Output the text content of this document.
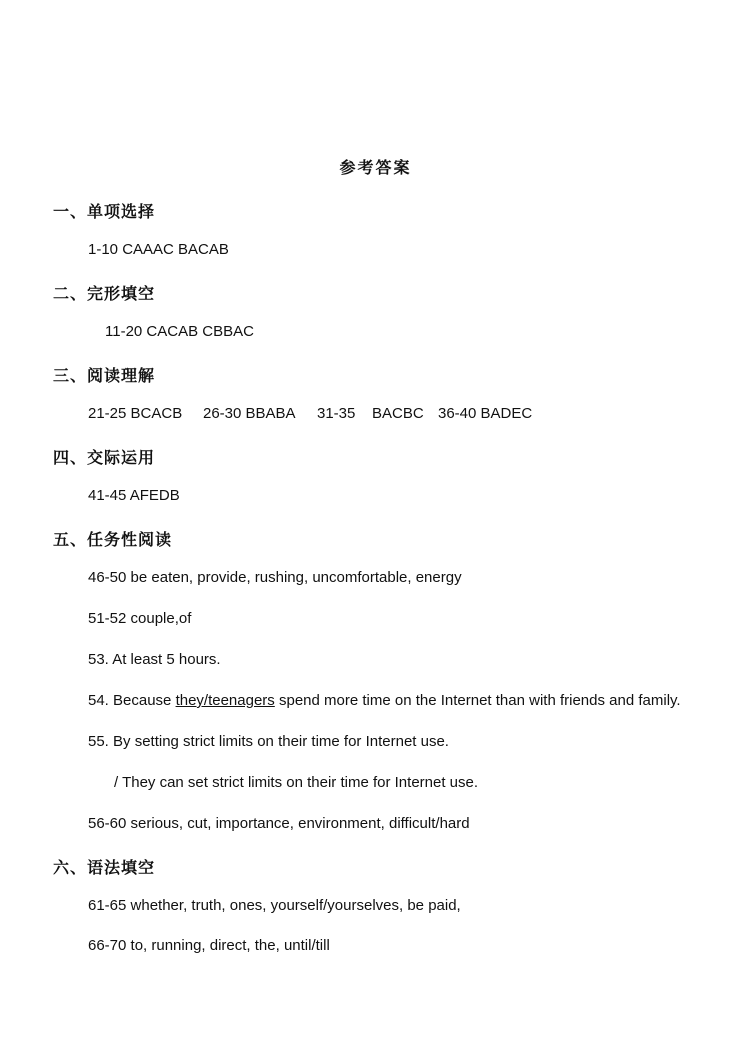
参考答案
一、单项选择
1-10 CAAAC BACAB
二、完形填空
11-20 CACAB CBBAC
三、阅读理解
21-25 BCACB 26-30 BBABA 31-35 BACBC 36-40 BADEC
四、交际运用
41-45 AFEDB
五、任务性阅读
46-50 be eaten, provide, rushing, uncomfortable, energy
51-52 couple,of
53. At least 5 hours.
54. Because they/teenagers spend more time on the Internet than with friends and family.
55. By setting strict limits on their time for Internet use.
/ They can set strict limits on their time for Internet use.
56-60 serious, cut, importance, environment, difficult/hard
六、语法填空
61-65 whether, truth, ones, yourself/yourselves, be paid,
66-70 to, running, direct, the, until/till
